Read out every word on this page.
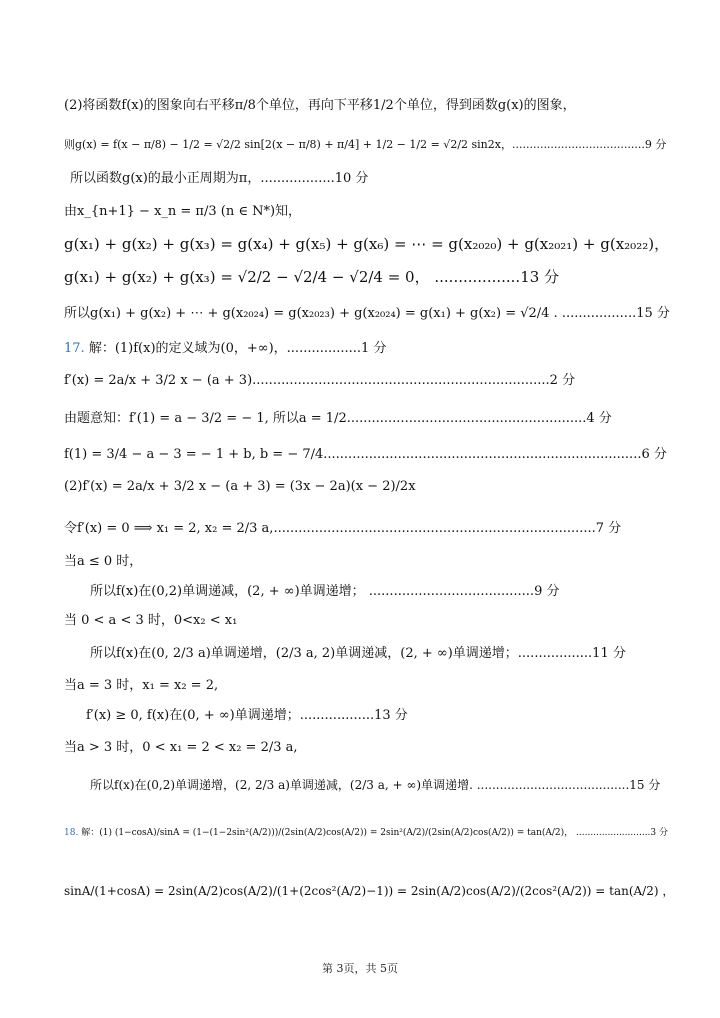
(2)将函数f(x)的图象向右平移π/8个单位，再向下平移1/2个单位，得到函数g(x)的图象，
则g(x) = f(x − π/8) − 1/2 = √2/2 sin[2(x − π/8) + π/4] + 1/2 − 1/2 = √2/2 sin2x，......................................9 分
所以函数g(x)的最小正周期为π，..................10 分
由x_{n+1} − x_n = π/3 (n ∈ N*)知，
g(x₁) + g(x₂) + g(x₃) = g(x₄) + g(x₅) + g(x₆) = ⋯ = g(x₂₀₂₀) + g(x₂₀₂₁) + g(x₂₀₂₂)，
g(x₁) + g(x₂) + g(x₃) = √2/2 − √2/4 − √2/4 = 0， ..................13 分
所以g(x₁) + g(x₂) + ⋯ + g(x₂₀₂₄) = g(x₂₀₂₃) + g(x₂₀₂₄) = g(x₁) + g(x₂) = √2/4 . ..................15 分
17. 解：(1)f(x)的定义域为(0，+∞)，..................1 分
f′(x) = 2a/x + 3/2 x − (a + 3)........................................................................2 分
由题意知：f′(1) = a − 3/2 = − 1, 所以a = 1/2..........................................................4 分
f(1) = 3/4 − a − 3 = − 1 + b, b = − 7/4.............................................................................6 分
(2)f′(x) = 2a/x + 3/2 x − (a + 3) = (3x − 2a)(x − 2)/2x
令f′(x) = 0 ⟹ x₁ = 2, x₂ = 2/3 a,..............................................................................7 分
当a ≤ 0 时，
所以f(x)在(0,2)单调递减，(2, + ∞)单调递增； ........................................9 分
当 0 < a < 3 时，0<x₂ < x₁
所以f(x)在(0, 2/3 a)单调递增，(2/3 a, 2)单调递减，(2, + ∞)单调递增；..................11 分
当a = 3 时，x₁ = x₂ = 2,
f′(x) ≥ 0, f(x)在(0, + ∞)单调递增；..................13 分
当a > 3 时，0 < x₁ = 2 < x₂ = 2/3 a,
所以f(x)在(0,2)单调递增，(2, 2/3 a)单调递减，(2/3 a, + ∞)单调递增. ........................................15 分
18. 解：(1) (1−cosA)/sinA = (1−(1−2sin²(A/2)))/(2sin(A/2)cos(A/2)) = 2sin²(A/2)/(2sin(A/2)cos(A/2)) = tan(A/2)， ..........................3 分
sinA/(1+cosA) = 2sin(A/2)cos(A/2)/(1+(2cos²(A/2)−1)) = 2sin(A/2)cos(A/2)/(2cos²(A/2)) = tan(A/2) ，
第 3页，共 5页
